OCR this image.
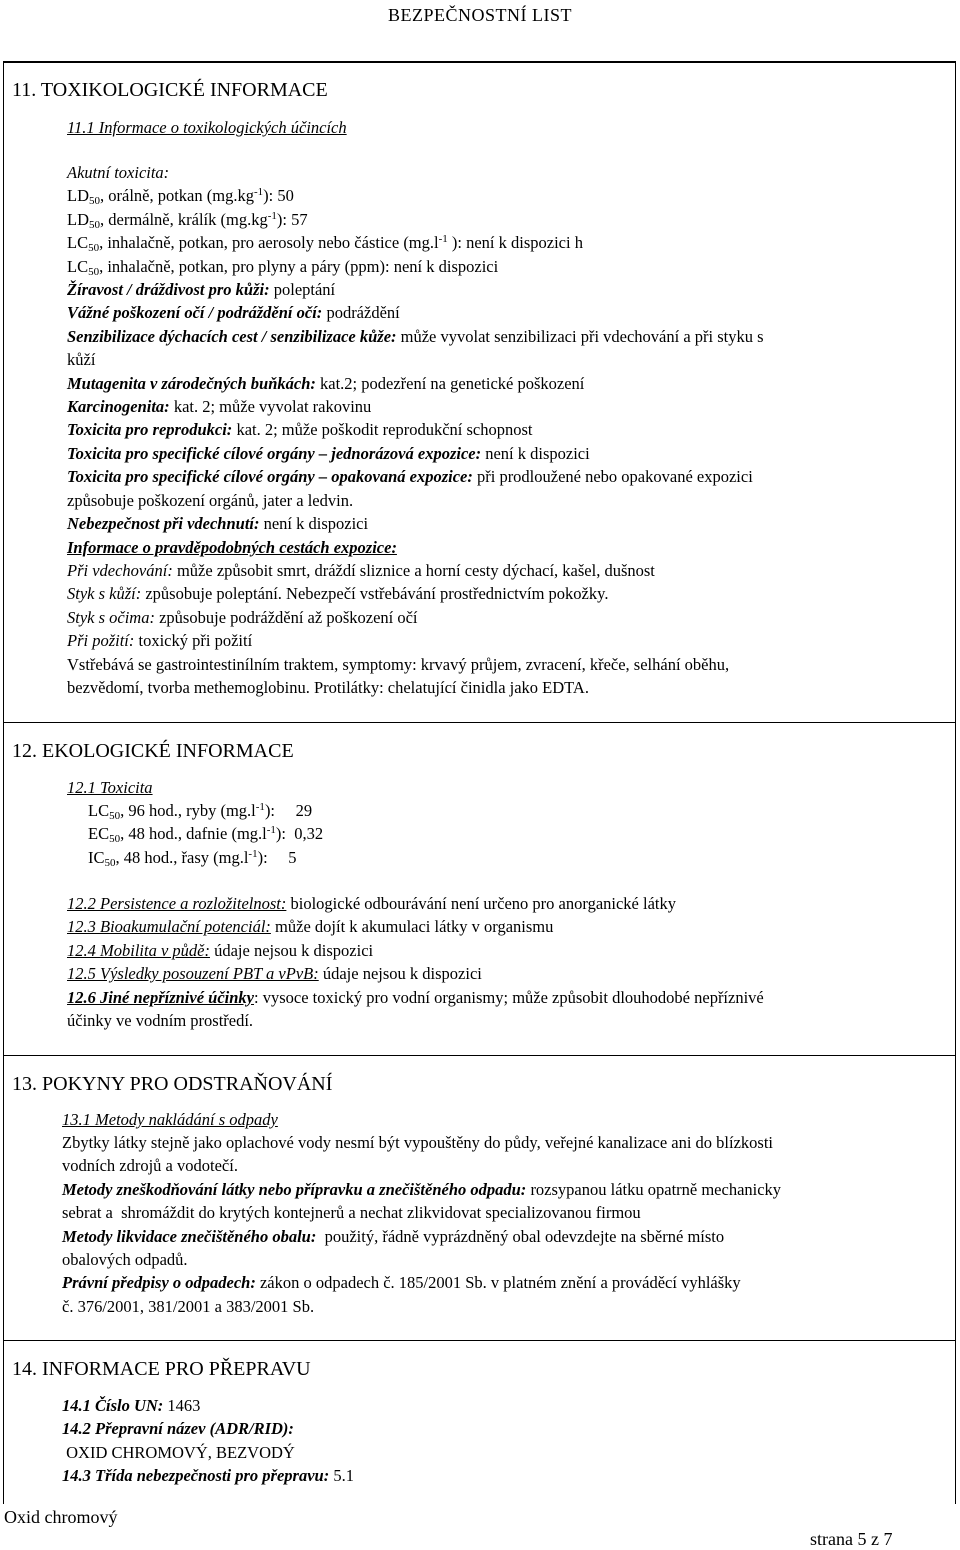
BEZPEČNOSTNÍ LIST
11. TOXIKOLOGICKÉ INFORMACE
11.1 Informace o toxikologických účincích
Akutní toxicita:
$LD_{50}$, orálně, potkan $(mg.kg^{-1})$: 50
$LD_{50}$, dermálně, králík $(mg.kg^{-1})$: 57
$LC_{50}$, inhalačně, potkan, pro aerosoly nebo částice ($mg.l^{-1}$ ): není k dispozici h
$LC_{50}$, inhalačně, potkan, pro plyny a páry (ppm): není k dispozici
Žíravost / dráždivost pro kůži: poleptání
Vážné poškození očí / podráždění očí: podráždění
Senzibilizace dýchacích cest / senzibilizace kůže: může vyvolat senzibilizaci při vdechování a při styku s
kůží
Mutagenita v zárodečných buňkách: kat.2; podezření na genetické poškození
Karcinogenita: kat. 2; může vyvolat rakovinu
Toxicita pro reprodukci: kat. 2; může poškodit reprodukční schopnost
Toxicita pro specifické cílové orgány – jednorázová expozice: není k dispozici
Toxicita pro specifické cílové orgány – opakovaná expozice: při prodloužené nebo opakované expozici
způsobuje poškození orgánů, jater a ledvin.
Nebezpečnost při vdechnutí: není k dispozici
Informace o pravděpodobných cestách expozice:
Při vdechování: může způsobit smrt, dráždí sliznice a horní cesty dýchací, kašel, dušnost
Styk s kůží: způsobuje poleptání. Nebezpečí vstřebávání prostřednictvím pokožky.
Styk s očima: způsobuje podráždění až poškození očí
Při požití: toxický při požití
Vstřebává se gastrointestinílním traktem, symptomy: krvavý průjem, zvracení, křeče, selhání oběhu,
bezvědomí, tvorba methemoglobinu. Protilátky: chelatující činidla jako EDTA.
12. EKOLOGICKÉ INFORMACE
12.1 Toxicita
$LC_{50}$, 96 hod., ryby $(mg.l^{-1})$:     29
$EC_{50}$, 48 hod., dafnie $(mg.l^{-1})$:  0,32
$IC_{50}$, 48 hod., řasy $(mg.l^{-1})$:     5
12.2 Persistence a rozložitelnost: biologické odbourávání není určeno pro anorganické látky
12.3 Bioakumulační potenciál: může dojít k akumulaci látky v organismu
12.4 Mobilita v půdě: údaje nejsou k dispozici
12.5 Výsledky posouzení PBT a vPvB: údaje nejsou k dispozici
12.6 Jiné nepříznivé účinky: vysoce toxický pro vodní organismy; může způsobit dlouhodobé nepříznivé
účinky ve vodním prostředí.
13. POKYNY PRO ODSTRAŇOVÁNÍ
13.1 Metody nakládání s odpady
Zbytky látky stejně jako oplachové vody nesmí být vypouštěny do půdy, veřejné kanalizace ani do blízkosti
vodních zdrojů a vodotečí.
Metody zneškodňování látky nebo přípravku a znečištěného odpadu: rozsypanou látku opatrně mechanicky
sebrat a  shromáždit do krytých kontejnerů a nechat zlikvidovat specializovanou firmou
Metody likvidace znečištěného obalu:  použitý, řádně vyprázdněný obal odevzdejte na sběrné místo
obalových odpadů.
Právní předpisy o odpadech: zákon o odpadech č. 185/2001 Sb. v platném znění a prováděcí vyhlášky
č. 376/2001, 381/2001 a 383/2001 Sb.
14. INFORMACE PRO PŘEPRAVU
14.1 Číslo UN: 1463
14.2 Přepravní název (ADR/RID):
OXID CHROMOVÝ, BEZVODÝ
14.3 Třída nebezpečnosti pro přepravu: 5.1
Oxid chromový
strana 5 z 7
